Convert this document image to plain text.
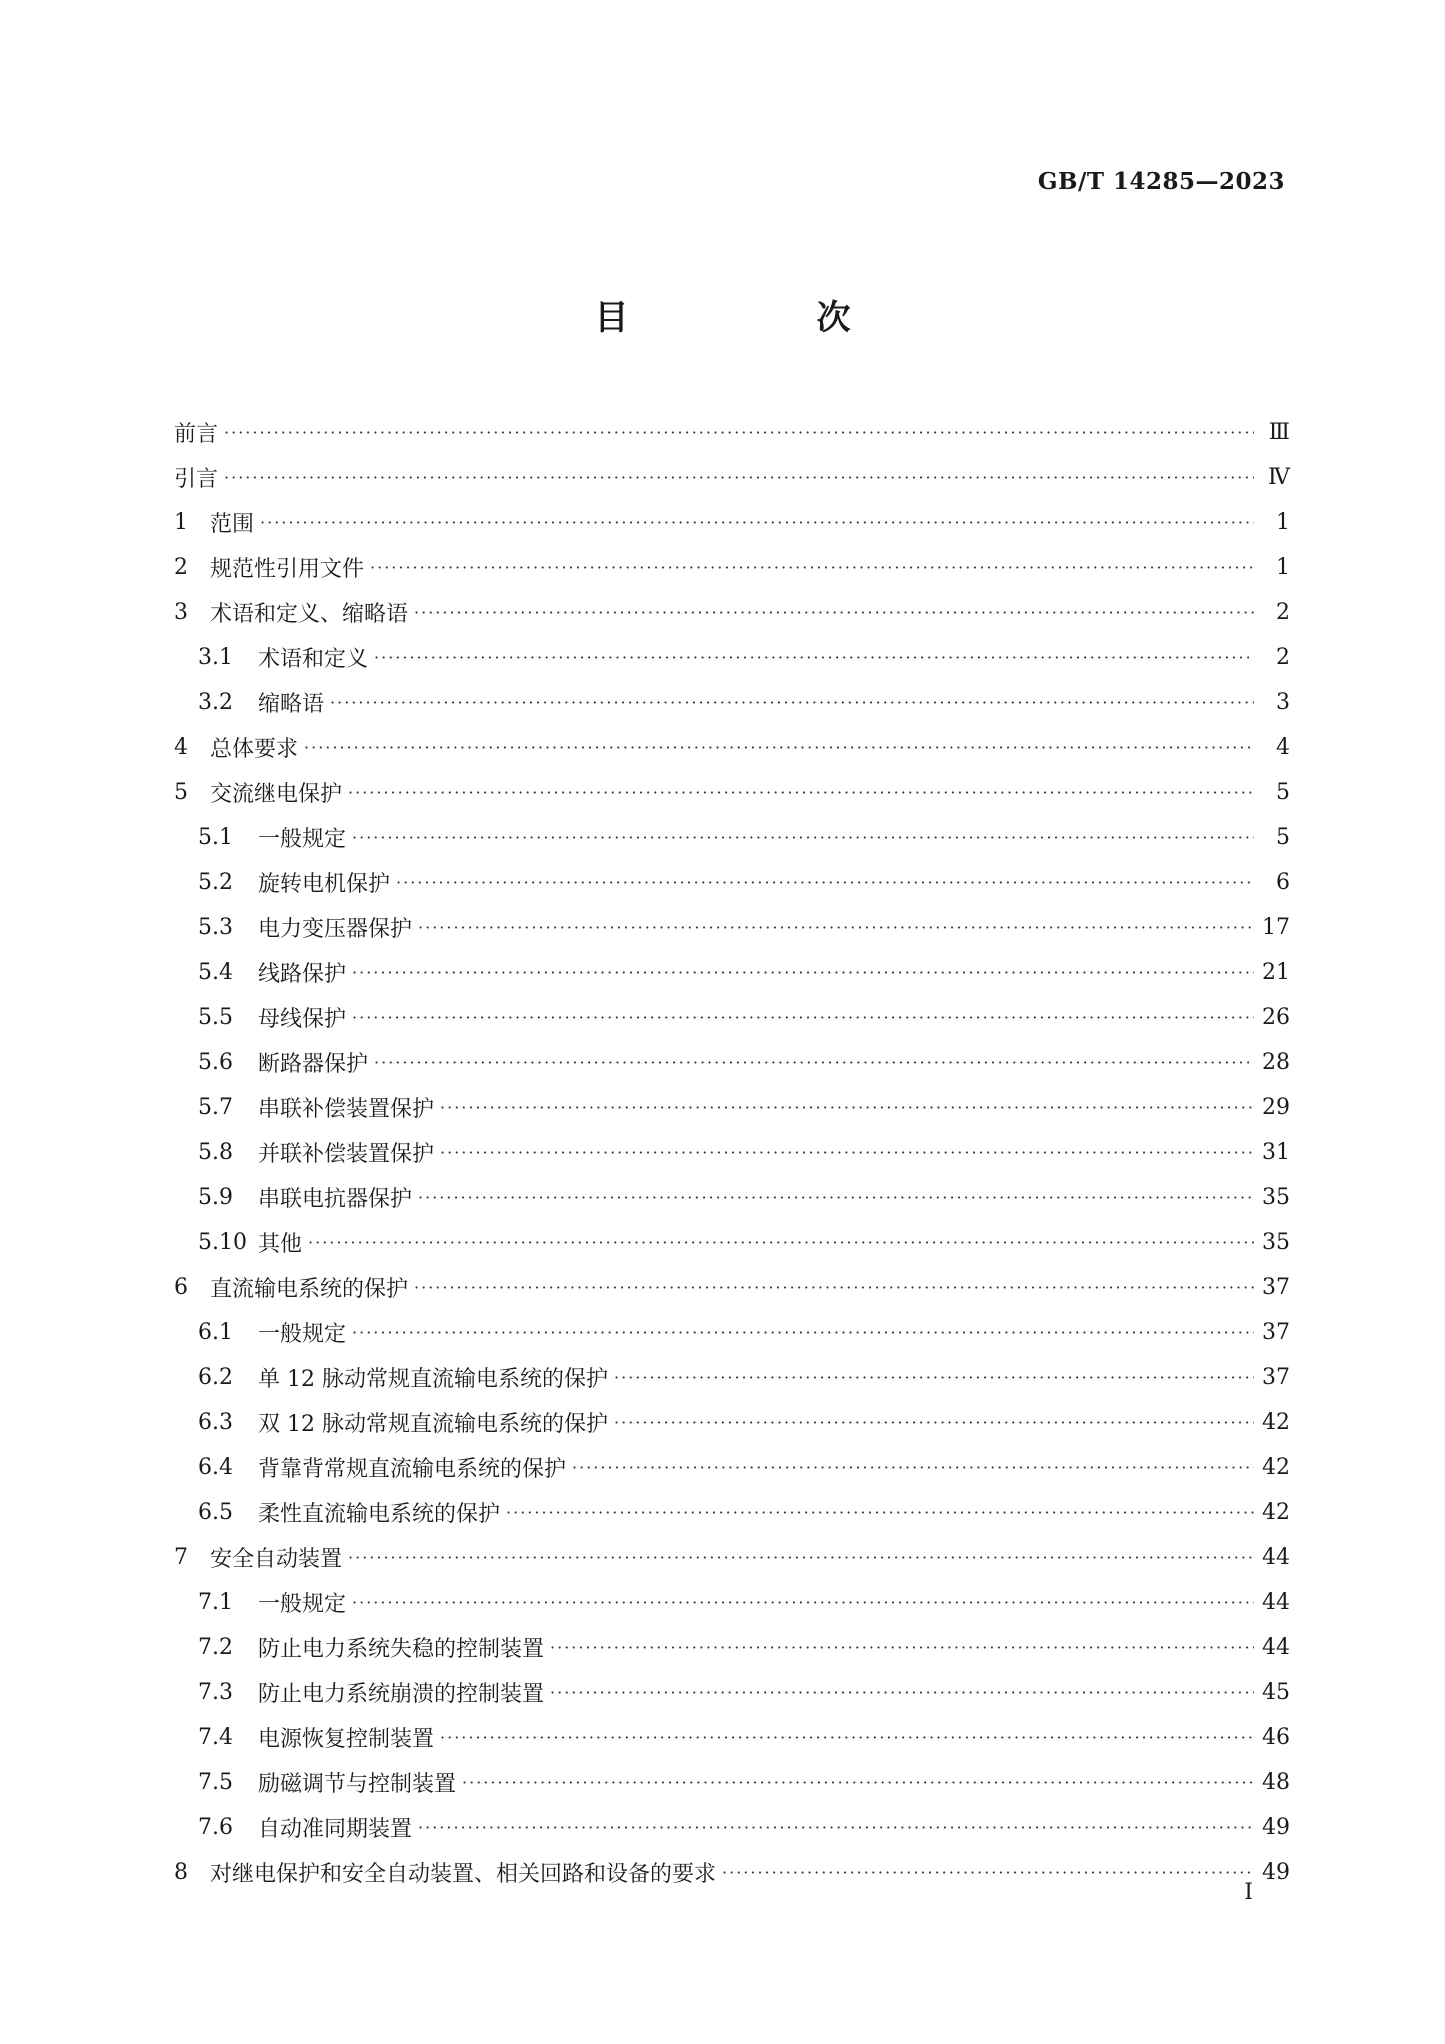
GB/T 14285—2023
目　　次
前言 ·····	Ⅲ
引言 ·····	Ⅳ
1	范围 ·····	1
2	规范性引用文件 ·····	1
3	术语和定义、缩略语 ·····	2
3.1	术语和定义 ·····	2
3.2	缩略语 ·····	3
4	总体要求 ·····	4
5	交流继电保护 ·····	5
5.1	一般规定 ·····	5
5.2	旋转电机保护 ·····	6
5.3	电力变压器保护 ·····	17
5.4	线路保护 ·····	21
5.5	母线保护 ·····	26
5.6	断路器保护 ·····	28
5.7	串联补偿装置保护 ·····	29
5.8	并联补偿装置保护 ·····	31
5.9	串联电抗器保护 ·····	35
5.10 其他 ·····	35
6	直流输电系统的保护 ·····	37
6.1	一般规定 ·····	37
6.2	单 12 脉动常规直流输电系统的保护 ·····	37
6.3	双 12 脉动常规直流输电系统的保护 ·····	42
6.4	背靠背常规直流输电系统的保护 ·····	42
6.5	柔性直流输电系统的保护 ·····	42
7	安全自动装置 ·····	44
7.1	一般规定 ·····	44
7.2	防止电力系统失稳的控制装置 ·····	44
7.3	防止电力系统崩溃的控制装置 ·····	45
7.4	电源恢复控制装置 ·····	46
7.5	励磁调节与控制装置 ·····	48
7.6	自动准同期装置 ·····	49
8	对继电保护和安全自动装置、相关回路和设备的要求 ·····	49
I
